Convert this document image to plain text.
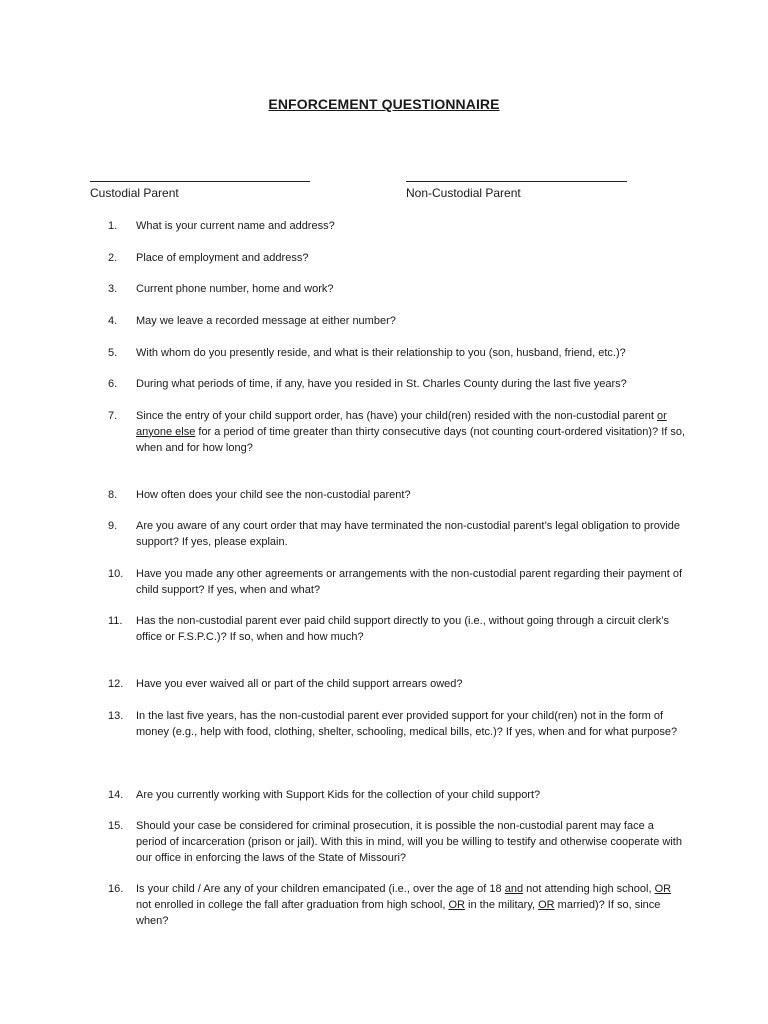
ENFORCEMENT QUESTIONNAIRE
Custodial Parent	Non-Custodial Parent
1.	What is your current name and address?
2.	Place of employment and address?
3.	Current phone number, home and work?
4.	May we leave a recorded message at either number?
5.	With whom do you presently reside, and what is their relationship to you (son, husband, friend, etc.)?
6.	During what periods of time, if any, have you resided in St. Charles County during the last five years?
7.	Since the entry of your child support order, has (have) your child(ren) resided with the non-custodial parent or anyone else for a period of time greater than thirty consecutive days (not counting court-ordered visitation)? If so, when and for how long?
8.	How often does your child see the non-custodial parent?
9.	Are you aware of any court order that may have terminated the non-custodial parent’s legal obligation to provide support? If yes, please explain.
10.	Have you made any other agreements or arrangements with the non-custodial parent regarding their payment of child support? If yes, when and what?
11.	Has the non-custodial parent ever paid child support directly to you (i.e., without going through a circuit clerk’s office or F.S.P.C.)? If so, when and how much?
12.	Have you ever waived all or part of the child support arrears owed?
13.	In the last five years, has the non-custodial parent ever provided support for your child(ren) not in the form of money (e.g., help with food, clothing, shelter, schooling, medical bills, etc.)? If yes, when and for what purpose?
14.	Are you currently working with Support Kids for the collection of your child support?
15.	Should your case be considered for criminal prosecution, it is possible the non-custodial parent may face a period of incarceration (prison or jail). With this in mind, will you be willing to testify and otherwise cooperate with our office in enforcing the laws of the State of Missouri?
16.	Is your child / Are any of your children emancipated (i.e., over the age of 18 and not attending high school, OR not enrolled in college the fall after graduation from high school, OR in the military, OR married)? If so, since when?
